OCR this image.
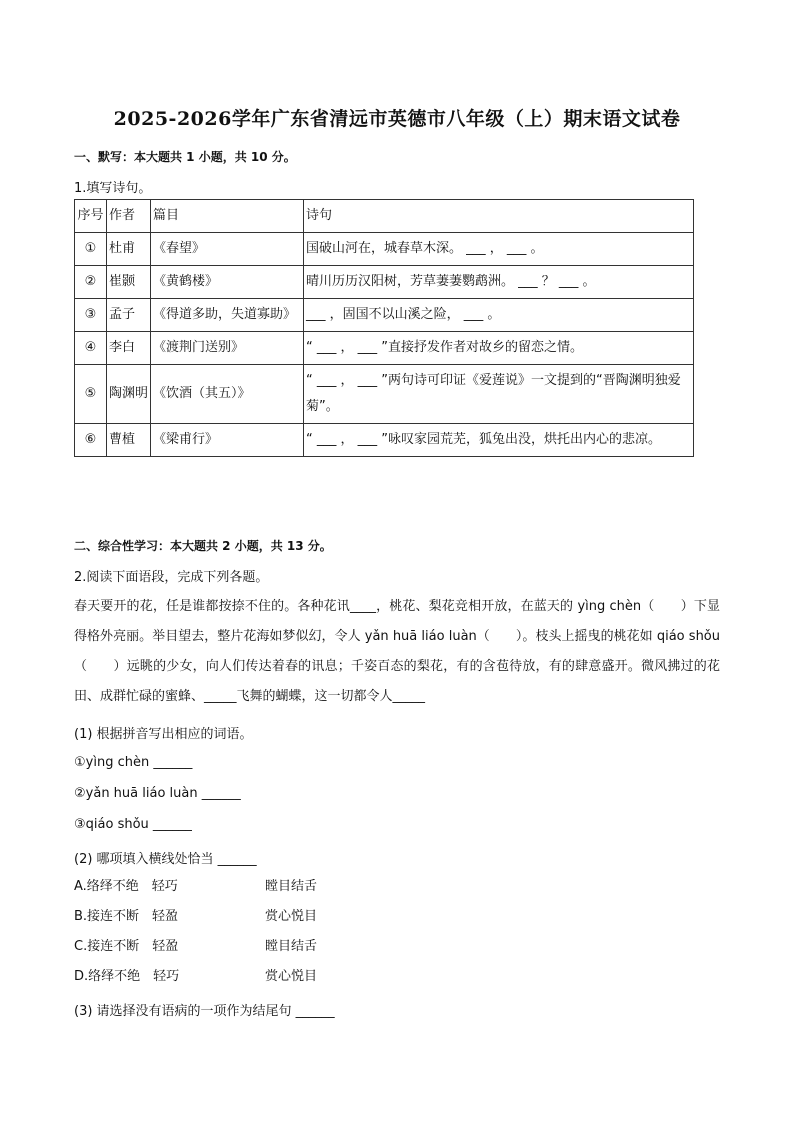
2025-2026学年广东省清远市英德市八年级（上）期末语文试卷
一、默写：本大题共 1 小题，共 10 分。
1.填写诗句。
序号	作者	篇目	诗句
①	杜甫	《春望》	国破山河在，城春草木深。 ___ ， ___ 。
②	崔颢	《黄鹤楼》	晴川历历汉阳树，芳草萋萋鹦鹉洲。 ___ ？ ___ 。
③	孟子	《得道多助，失道寡助》	___ ，固国不以山溪之险， ___ 。
④	李白	《渡荆门送别》	“ ___ ， ___ ”直接抒发作者对故乡的留恋之情。
⑤	陶渊明	《饮酒（其五）》	“ ___ ， ___ ”两句诗可印证《爱莲说》一文提到的“晋陶渊明独爱菊”。
⑥	曹植	《梁甫行》	“ ___ ， ___ ”咏叹家园荒芜，狐兔出没，烘托出内心的悲凉。
二、综合性学习：本大题共 2 小题，共 13 分。
2.阅读下面语段，完成下列各题。
春天要开的花，任是谁都按捺不住的。各种花讯____，桃花、梨花竞相开放，在蓝天的 yìng chèn（　　）下显得格外亮丽。举目望去，整片花海如梦似幻，令人 yǎn huā liáo luàn（　　）。枝头上摇曳的桃花如 qiáo shǒu（　　）远眺的少女，向人们传达着春的讯息；千姿百态的梨花，有的含苞待放，有的肆意盛开。微风拂过的花田、成群忙碌的蜜蜂、_____飞舞的蝴蝶，这一切都令人_____
(1) 根据拼音写出相应的词语。
①yìng chèn ______
②yǎn huā liáo luàn ______
③qiáo shǒu ______
(2) 哪项填入横线处恰当 ______
A.络绎不绝　轻巧	瞠目结舌
B.接连不断　轻盈	赏心悦目
C.接连不断　轻盈	瞠目结舌
D.络绎不绝　轻巧	赏心悦目
(3) 请选择没有语病的一项作为结尾句 ______
